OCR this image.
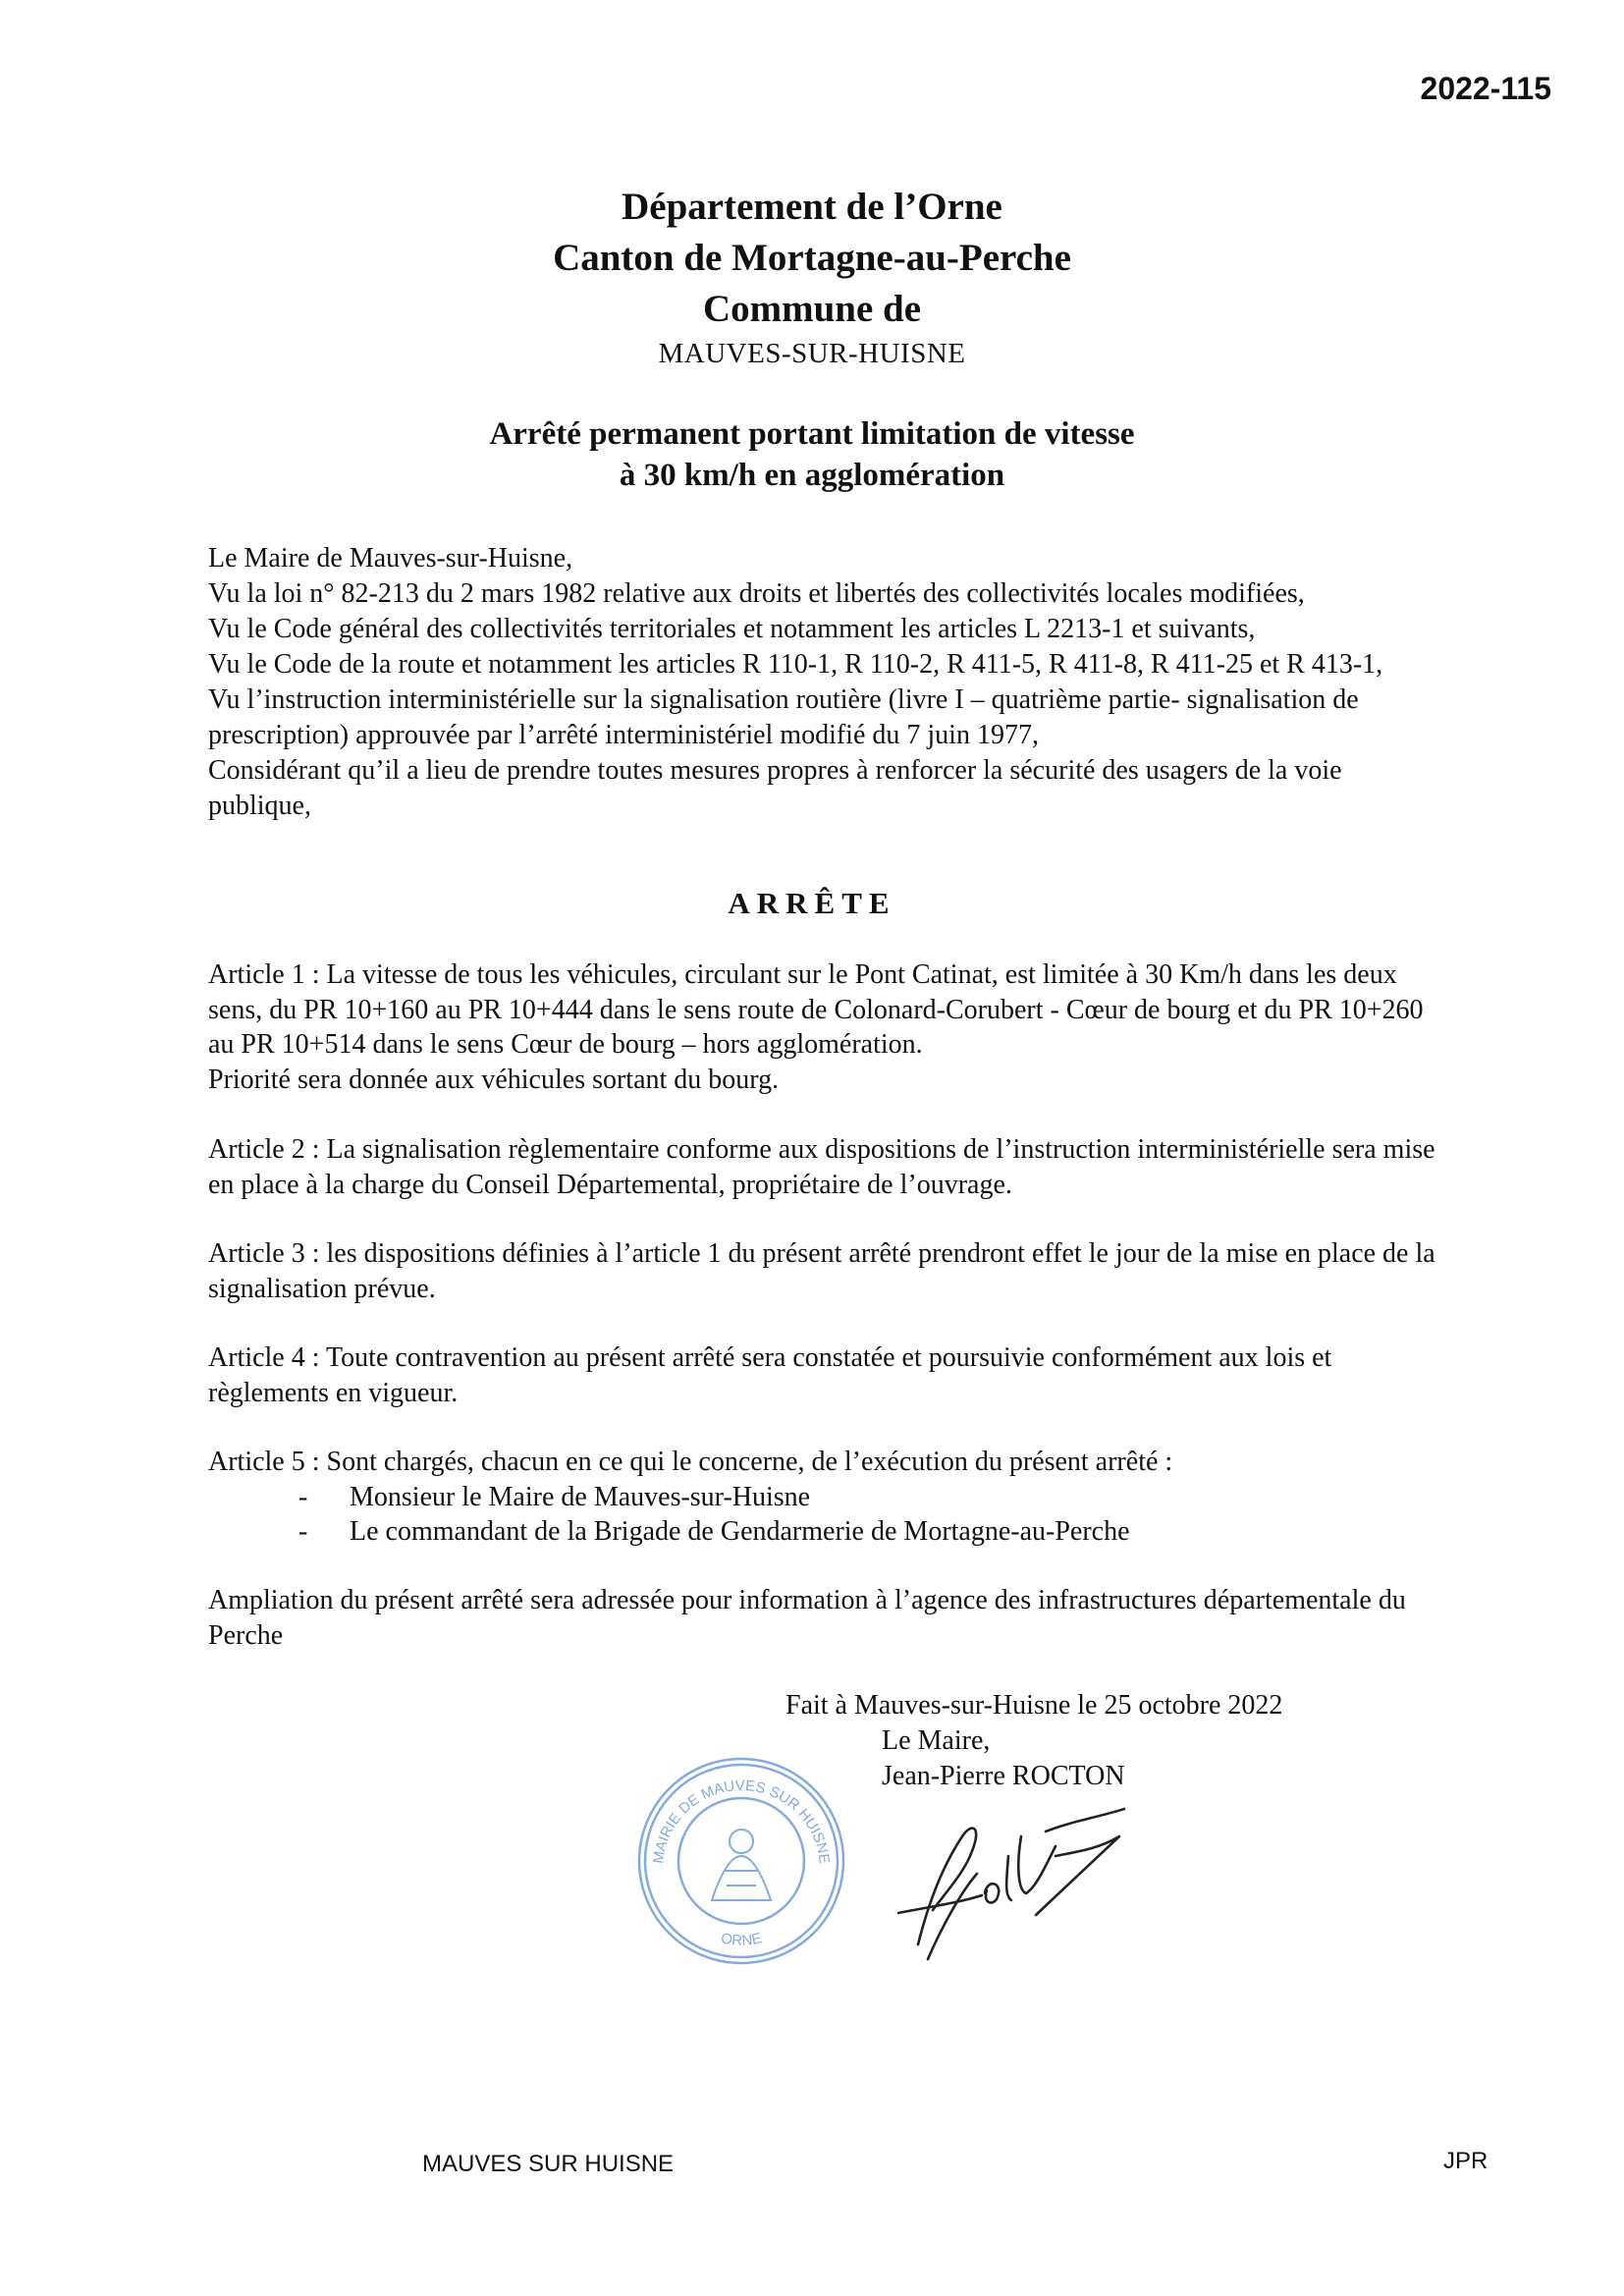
2022-115
Département de l’Orne
Canton de Mortagne-au-Perche
Commune de
MAUVES-SUR-HUISNE
Arrêté permanent portant limitation de vitesse
à 30 km/h en agglomération
Le Maire de Mauves-sur-Huisne,
Vu la loi n° 82-213 du 2 mars 1982 relative aux droits et libertés des collectivités locales modifiées,
Vu le Code général des collectivités territoriales et notamment les articles L 2213-1 et suivants,
Vu le Code de la route et notamment les articles R 110-1, R 110-2, R 411-5, R 411-8, R 411-25 et R 413-1,
Vu l’instruction interministérielle sur la signalisation routière (livre I – quatrième partie- signalisation de prescription) approuvée par l’arrêté interministériel modifié du 7 juin 1977,
Considérant qu’il a lieu de prendre toutes mesures propres à renforcer la sécurité des usagers de la voie publique,
ARRÊTE
Article 1 : La vitesse de tous les véhicules, circulant sur le Pont Catinat, est limitée à 30 Km/h dans les deux sens, du PR 10+160 au PR 10+444 dans le sens route de Colonard-Corubert - Cœur de bourg et du PR 10+260 au PR 10+514 dans le sens Cœur de bourg – hors agglomération.
Priorité sera donnée aux véhicules sortant du bourg.
Article 2 : La signalisation règlementaire conforme aux dispositions de l’instruction interministérielle sera mise en place à la charge du Conseil Départemental, propriétaire de l’ouvrage.
Article 3 : les dispositions définies à l’article 1 du présent arrêté prendront effet le jour de la mise en place de la signalisation prévue.
Article 4 : Toute contravention au présent arrêté sera constatée et poursuivie conformément aux lois et règlements en vigueur.
Article 5 : Sont chargés, chacun en ce qui le concerne, de l’exécution du présent arrêté :
-	Monsieur le Maire de Mauves-sur-Huisne
-	Le commandant de la Brigade de Gendarmerie de Mortagne-au-Perche
Ampliation du présent arrêté sera adressée pour information à l’agence des infrastructures départementale du Perche
Fait à Mauves-sur-Huisne le 25 octobre 2022
Le Maire,
Jean-Pierre ROCTON
MAIRIE DE MAUVES SUR HUISNE
ORNE
MAUVES SUR HUISNE	JPR
